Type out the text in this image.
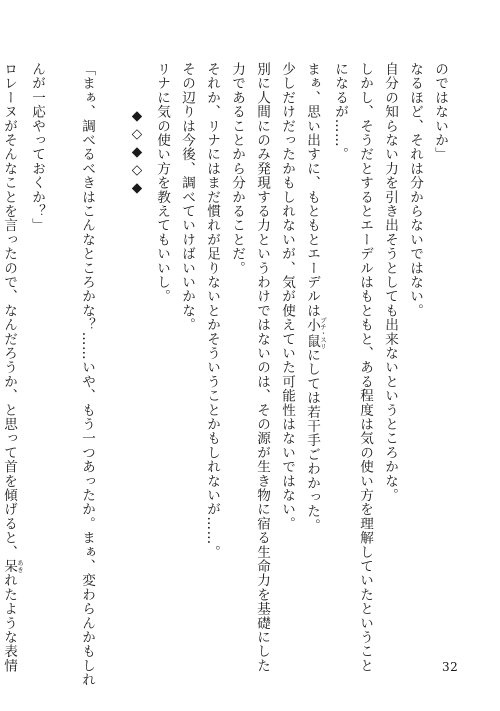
のではないか」
なるほど、それは分からないではない。
自分の知らない力を引き出そうとしても出来ないというところかな。
しかし、そうだとするとエーデルはもともと、ある程度は気の使い方を理解していたということ
になるが……。
まぁ、思い出すに、もともとエーデルは小鼠 プチ・スリにしては若干手ごわかった。
少しだけだったかもしれないが、気が使えていた可能性はないではない。
別に人間にのみ発現する力というわけではないのは、その源が生き物に宿る生命力を基礎にした
力であることから分かることだ。
それか、リナにはまだ慣れが足りないとかそういうことかもしれないが……。
その辺りは今後、調べていけばいいかな。
リナに気の使い方を教えてもいいし。
◆◇◆◇◆
「まぁ、調べるべきはこんなところかな？……いや、もう一つあったか。まぁ、変わらんかもしれ
んが一応やっておくか？」
ロレーヌがそんなことを言ったので、なんだろうか、と思って首を傾げると、呆 あきれたような表情	32
